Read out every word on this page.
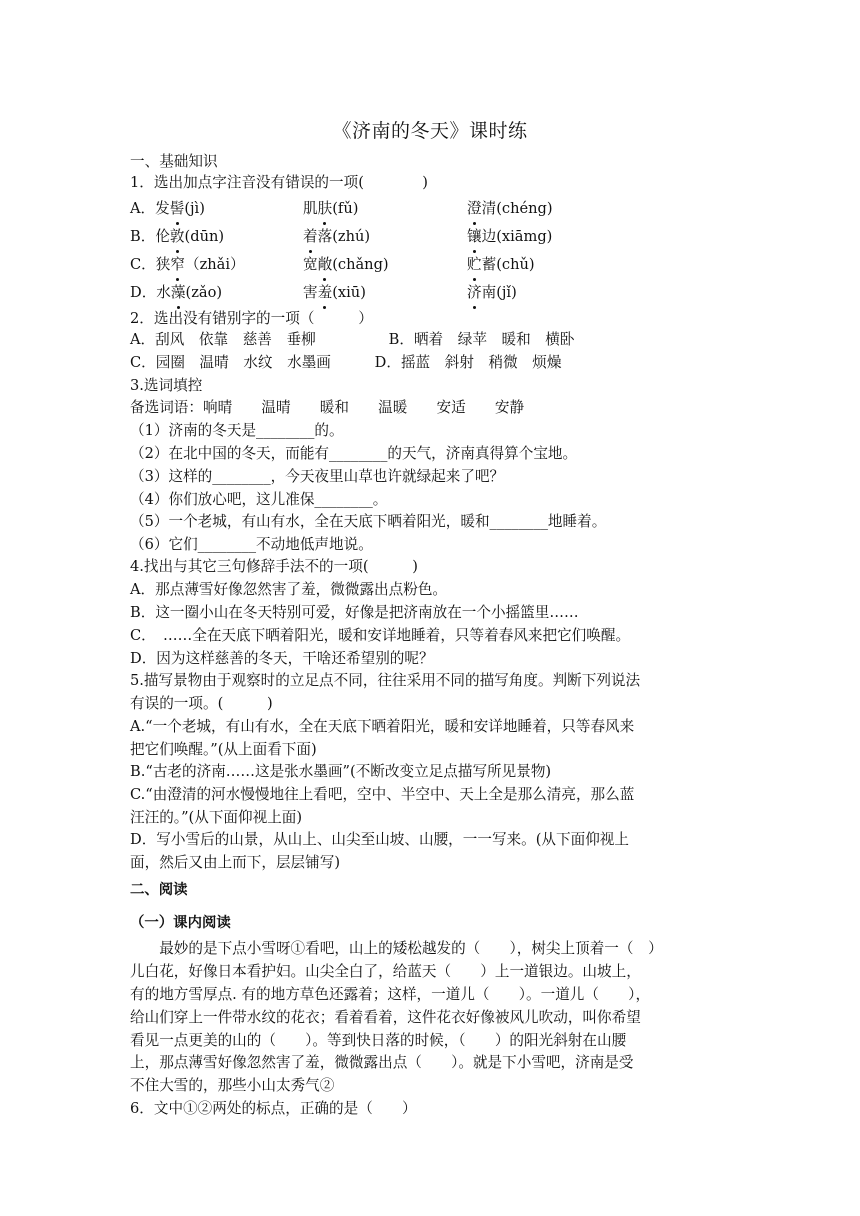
《济南的冬天》课时练
一、基础知识
1．选出加点字注音没有错误的一项(　　　　)
A．发髻(jì)	肌肤(fǔ)	澄清(chéng)
B．伦敦(dūn)	着落(zhú)	镶边(xiāmg)
C．狭窄（zhǎi）	宽敞(chǎng)	贮蓄(chǔ)
D．水藻(zǎo)	害羞(xiū)	济南(jǐ)
2．选出没有错别字的一项（　　　）
A．刮风　依靠　慈善　垂柳　　　　　B．晒着　绿苹　暖和　横卧
C．园圈　温晴　水纹　水墨画　　　D．摇蓝　斜射　稍微　烦燥
3.选词填控
备选词语：响晴　　温晴　　暖和　　温暖　　安适　　安静
（1）济南的冬天是________的。
（2）在北中国的冬天，而能有________的天气，济南真得算个宝地。
（3）这样的________，今天夜里山草也许就绿起来了吧？
（4）你们放心吧，这儿准保________。
（5）一个老城，有山有水，全在天底下晒着阳光，暖和________地睡着。
（6）它们________不动地低声地说。
4.找出与其它三句修辞手法不的一项(　　　)
A．那点薄雪好像忽然害了羞，微微露出点粉色。
B．这一圈小山在冬天特别可爱，好像是把济南放在一个小摇篮里……
C．　……全在天底下晒着阳光，暖和安详地睡着，只等着春风来把它们唤醒。
D．因为这样慈善的冬天，干啥还希望别的呢？
5.描写景物由于观察时的立足点不同，往往采用不同的描写角度。判断下列说法
有误的一项。(　　　)
A.“一个老城，有山有水，全在天底下晒着阳光，暖和安详地睡着，只等春风来
把它们唤醒。”(从上面看下面)
B.“古老的济南……这是张水墨画”(不断改变立足点描写所见景物)
C.“由澄清的河水慢慢地往上看吧，空中、半空中、天上全是那么清亮，那么蓝
汪汪的。”(从下面仰视上面)
D．写小雪后的山景，从山上、山尖至山坡、山腰，一一写来。(从下面仰视上
面，然后又由上而下，层层铺写)
二、阅读
（一）课内阅读
　　最妙的是下点小雪呀①看吧，山上的矮松越发的（　　），树尖上顶着一（　）
儿白花，好像日本看护妇。山尖全白了，给蓝天（　　）上一道银边。山坡上，
有的地方雪厚点. 有的地方草色还露着；这样，一道儿（　　）。一道儿（　　），
给山们穿上一件带水纹的花衣；看着看着，这件花衣好像被风儿吹动，叫你希望
看见一点更美的山的（　　）。等到快日落的时候，（　　）的阳光斜射在山腰
上，那点薄雪好像忽然害了羞，微微露出点（　　）。就是下小雪吧，济南是受
不住大雪的，那些小山太秀气②
6．文中①②两处的标点，正确的是（　　）
